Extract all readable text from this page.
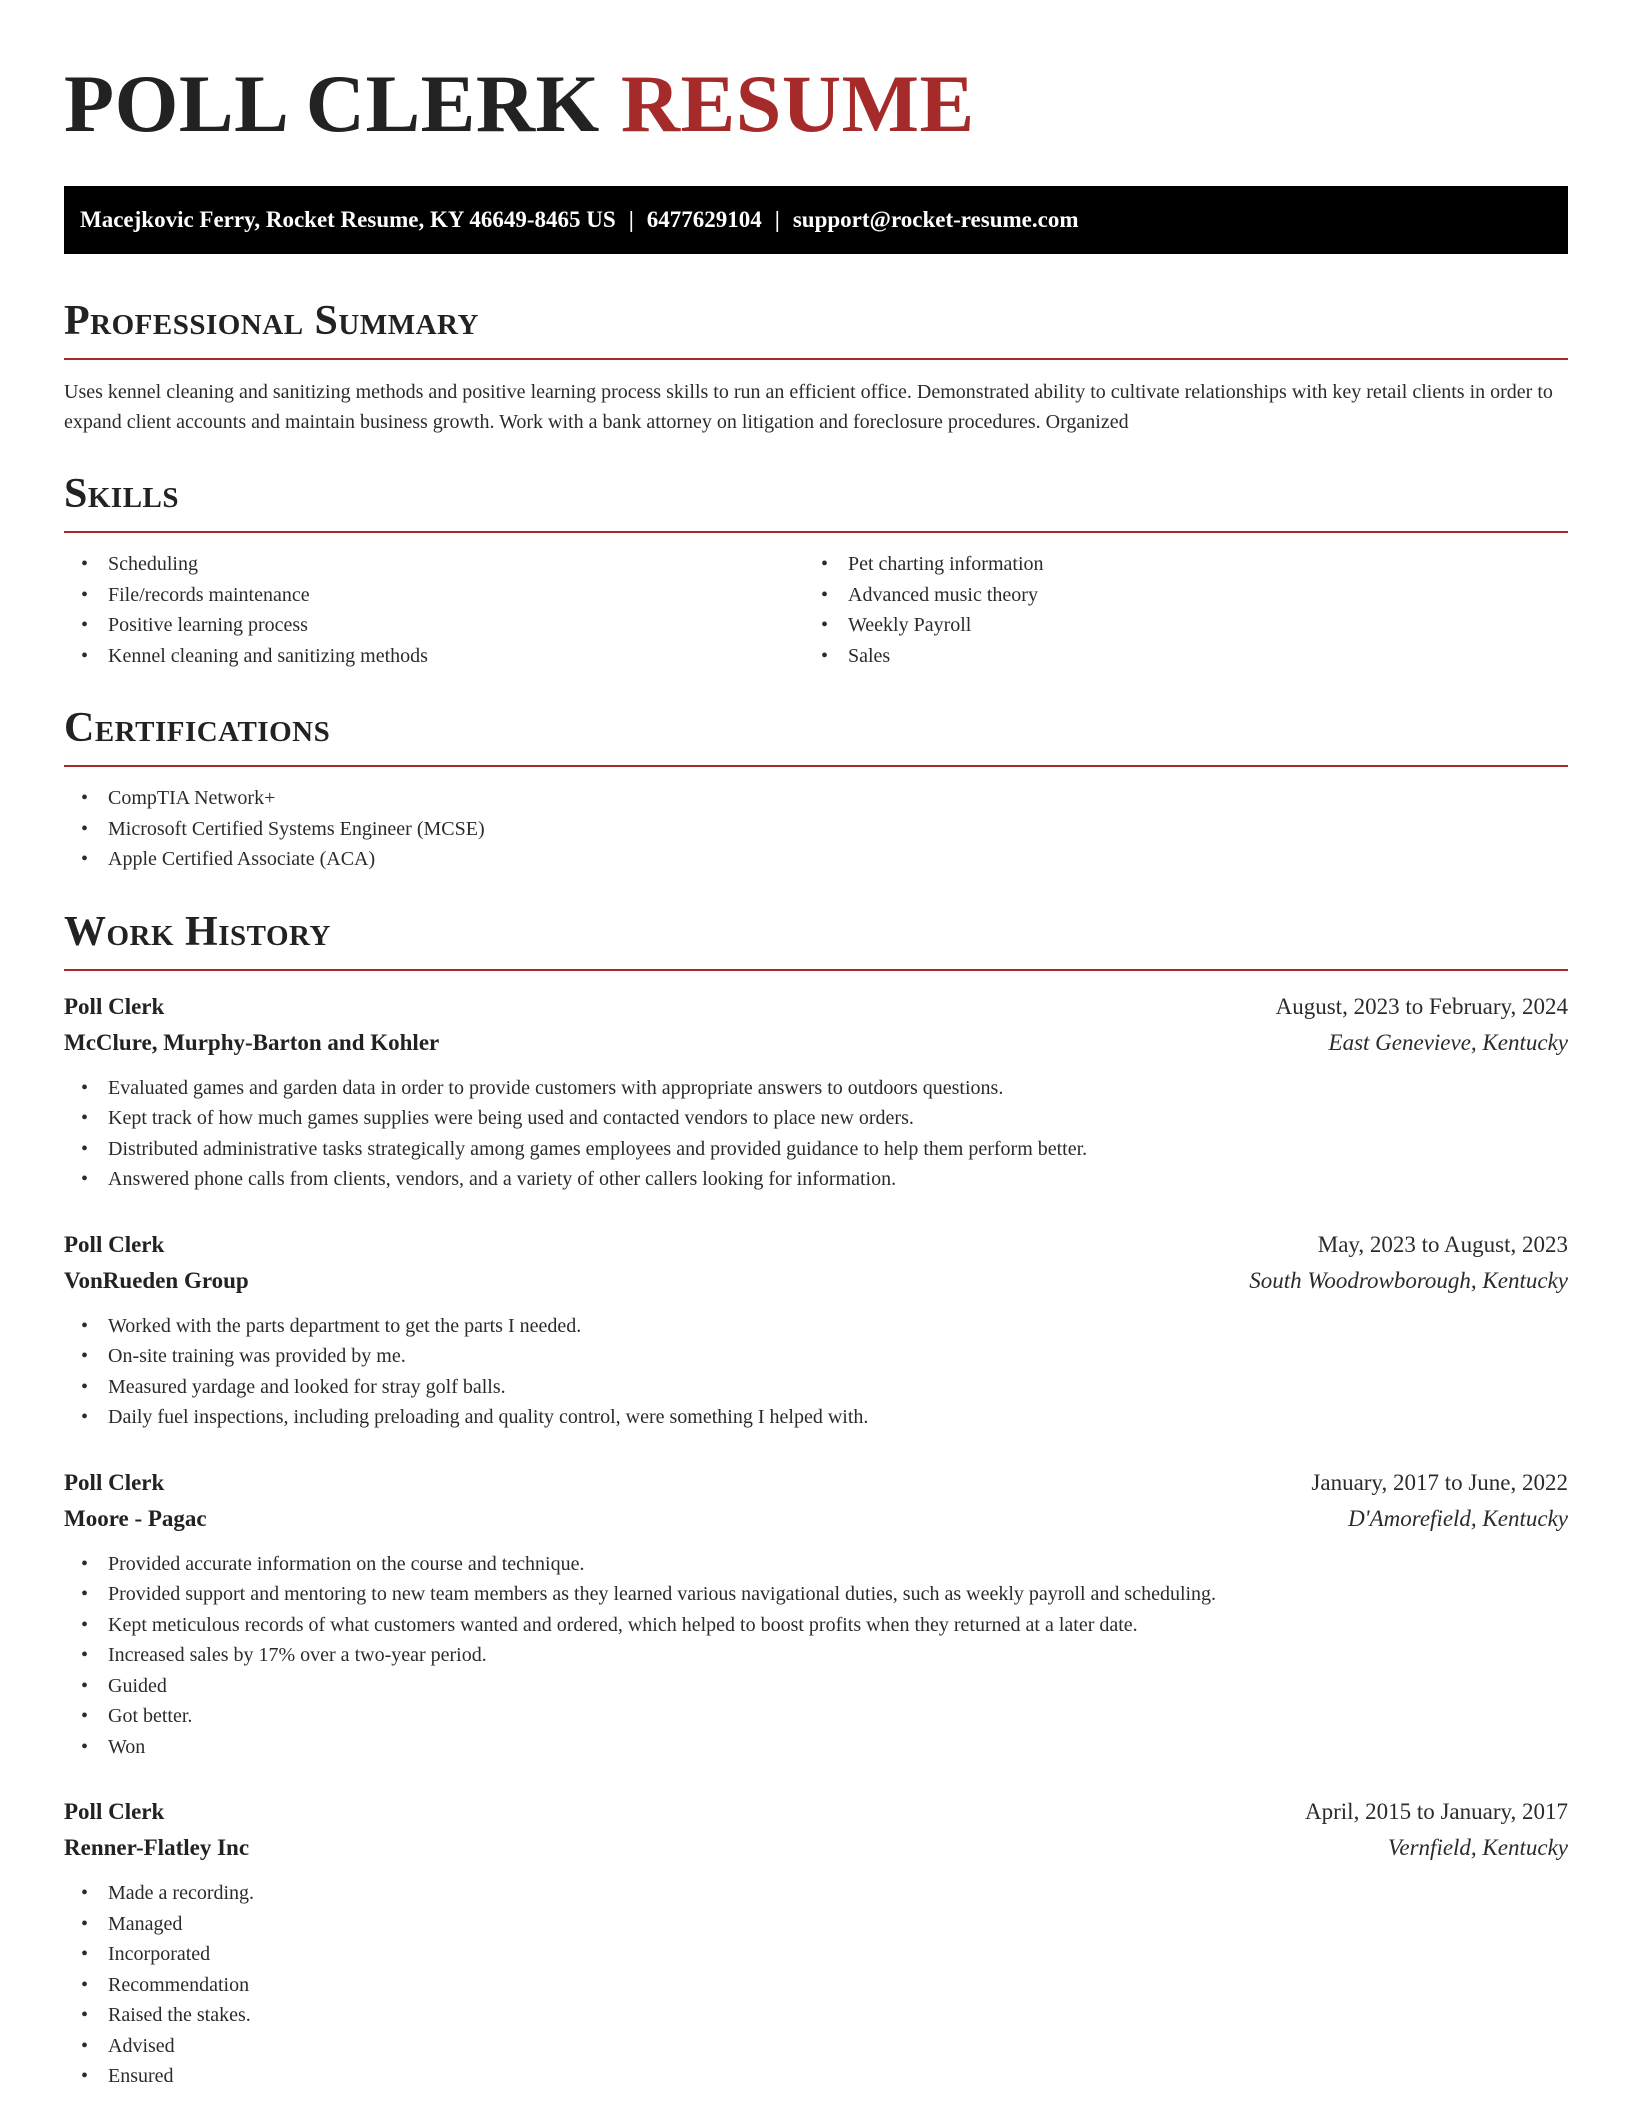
POLL CLERK RESUME
Macejkovic Ferry, Rocket Resume, KY 46649-8465 US | 6477629104 | support@rocket-resume.com
Professional Summary

Uses kennel cleaning and sanitizing methods and positive learning process skills to run an efficient office. Demonstrated ability to cultivate relationships with key retail clients in order to expand client accounts and maintain business growth. Work with a bank attorney on litigation and foreclosure procedures. Organized

Skills
• Scheduling
• File/records maintenance
• Positive learning process
• Kennel cleaning and sanitizing methods
• Pet charting information
• Advanced music theory
• Weekly Payroll
• Sales
Certifications
• CompTIA Network+
• Microsoft Certified Systems Engineer (MCSE)
• Apple Certified Associate (ACA)
Work History
Poll Clerk	August, 2023 to February, 2024
McClure, Murphy-Barton and Kohler	East Genevieve, Kentucky
• Evaluated games and garden data in order to provide customers with appropriate answers to outdoors questions.
• Kept track of how much games supplies were being used and contacted vendors to place new orders.
• Distributed administrative tasks strategically among games employees and provided guidance to help them perform better.
• Answered phone calls from clients, vendors, and a variety of other callers looking for information.
Poll Clerk	May, 2023 to August, 2023
VonRueden Group	South Woodrowborough, Kentucky
• Worked with the parts department to get the parts I needed.
• On-site training was provided by me.
• Measured yardage and looked for stray golf balls.
• Daily fuel inspections, including preloading and quality control, were something I helped with.
Poll Clerk	January, 2017 to June, 2022
Moore - Pagac	D'Amorefield, Kentucky
• Provided accurate information on the course and technique.
• Provided support and mentoring to new team members as they learned various navigational duties, such as weekly payroll and scheduling.
• Kept meticulous records of what customers wanted and ordered, which helped to boost profits when they returned at a later date.
• Increased sales by 17% over a two-year period.
• Guided
• Got better.
• Won
Poll Clerk	April, 2015 to January, 2017
Renner-Flatley Inc	Vernfield, Kentucky
• Made a recording.
• Managed
• Incorporated
• Recommendation
• Raised the stakes.
• Advised
• Ensured
